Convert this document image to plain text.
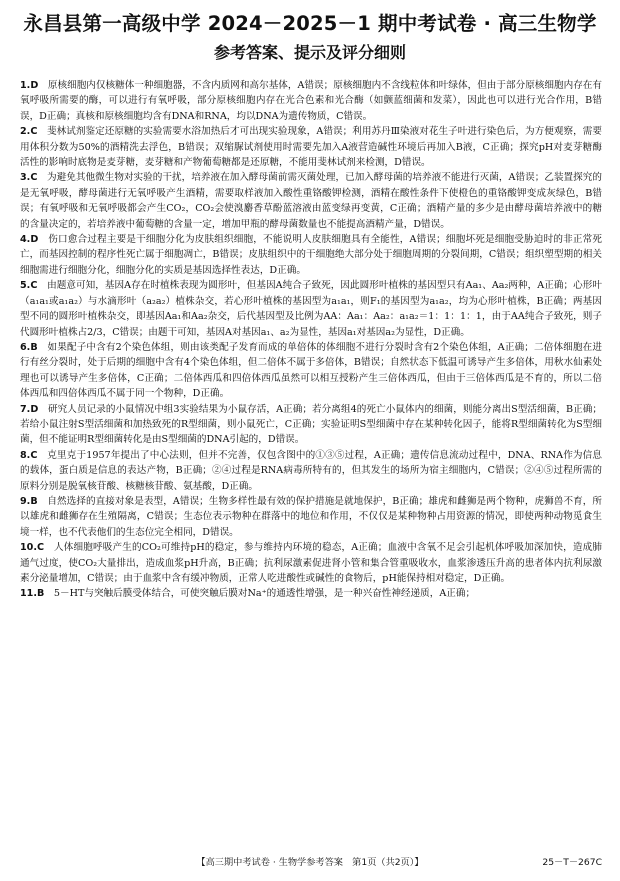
永昌县第一高级中学 2024－2025－1 期中考试卷 · 高三生物学
参考答案、提示及评分细则

1.D　 原核细胞内仅核糖体一种细胞器，不含内质网和高尔基体，A错误；原核细胞内不含线粒体和叶绿体，但由于部分原核细胞内存在有氧呼吸所需要的酶，可以进行有氧呼吸，部分原核细胞内存在光合色素和光合酶（如颤蓝细菌和发菜），因此也可以进行光合作用，B错误，D正确；真核和原核细胞均含有DNA和RNA，均以DNA为遗传物质，C错误。

2.C　 斐林试剂鉴定还原糖的实验需要水浴加热后才可出现实验现象，A错误；利用苏丹Ⅲ染液对花生子叶进行染色后，为方便观察，需要用体积分数为50%的酒精洗去浮色，B错误；双缩脲试剂使用时需要先加入A液营造碱性环境后再加入B液，C正确；探究pH对麦芽糖酶活性的影响时底物是麦芽糖，麦芽糖和产物葡萄糖都是还原糖，不能用斐林试剂来检测，D错误。

3.C　 为避免其他微生物对实验的干扰，培养液在加入酵母菌前需灭菌处理，已加入酵母菌的培养液不能进行灭菌，A错误；乙装置探究的是无氧呼吸，酵母菌进行无氧呼吸产生酒精，需要取样液加入酸性重铬酸钾检测，酒精在酸性条件下使橙色的重铬酸钾变成灰绿色，B错误；有氧呼吸和无氧呼吸都会产生CO₂，CO₂会使溴麝香草酚蓝溶液由蓝变绿再变黄，C正确；酒精产量的多少是由酵母菌培养液中的糖的含量决定的，若培养液中葡萄糖的含量一定，增加甲瓶的酵母菌数量也不能提高酒精产量，D错误。

4.D　 伤口愈合过程主要是干细胞分化为皮肤组织细胞，不能说明人皮肤细胞具有全能性，A错误；细胞坏死是细胞受胁迫时的非正常死亡，而基因控制的程序性死亡属于细胞凋亡，B错误；皮肤组织中的干细胞绝大部分处于细胞周期的分裂间期，C错误；组织塑型期的相关细胞需进行细胞分化，细胞分化的实质是基因选择性表达，D正确。

5.C　 由题意可知，基因A存在时植株表现为圆形叶，但基因A纯合子致死，因此圆形叶植株的基因型只有Aa₁、Aa₂两种，A正确；心形叶（a₁a₁或a₁a₂）与水滴形叶（a₂a₂）植株杂交，若心形叶植株的基因型为a₁a₁，则F₁的基因型为a₁a₂，均为心形叶植株，B正确；两基因型不同的圆形叶植株杂交，即基因Aa₁和Aa₂杂交，后代基因型及比例为AA：Aa₁：Aa₂：a₁a₂＝1：1：1：1，由于AA纯合子致死，则子代圆形叶植株占2/3，C错误；由题干可知，基因A对基因a₁、a₂为显性，基因a₁对基因a₂为显性，D正确。

6.B　 如果配子中含有2个染色体组，则由该类配子发育而成的单倍体的体细胞不进行分裂时含有2个染色体组，A正确；二倍体细胞在进行有丝分裂时，处于后期的细胞中含有4个染色体组，但二倍体不属于多倍体，B错误；自然状态下低温可诱导产生多倍体，用秋水仙素处理也可以诱导产生多倍体，C正确；二倍体西瓜和四倍体西瓜虽然可以相互授粉产生三倍体西瓜，但由于三倍体西瓜是不育的，所以二倍体西瓜和四倍体西瓜不属于同一个物种，D正确。

7.D　 研究人员记录的小鼠情况中组3实验结果为小鼠存活，A正确；若分离组4的死亡小鼠体内的细菌，则能分离出S型活细菌，B正确；若给小鼠注射S型活细菌和加热致死的R型细菌，则小鼠死亡，C正确；实验证明S型细菌中存在某种转化因子，能将R型细菌转化为S型细菌，但不能证明R型细菌转化是由S型细菌的DNA引起的，D错误。

8.C　 克里克于1957年提出了中心法则，但并不完善，仅包含图中的①③⑤过程，A正确；遗传信息流动过程中，DNA、RNA作为信息的载体，蛋白质是信息的表达产物，B正确；②④过程是RNA病毒所特有的，但其发生的场所为宿主细胞内，C错误；②④⑤过程所需的原料分别是脱氧核苷酸、核糖核苷酸、氨基酸，D正确。

9.B　 自然选择的直接对象是表型，A错误；生物多样性最有效的保护措施是就地保护，B正确；雄虎和雌狮是两个物种，虎狮兽不育，所以雄虎和雌狮存在生殖隔离，C错误；生态位表示物种在群落中的地位和作用，不仅仅是某种物种占用资源的情况，即使两种动物觅食生境一样，也不代表他们的生态位完全相同，D错误。

10.C　 人体细胞呼吸产生的CO₂可维持pH的稳定，参与维持内环境的稳态，A正确；血液中含氧不足会引起机体呼吸加深加快，造成肺通气过度，使CO₂大量排出，造成血浆pH升高，B正确；抗利尿激素促进肾小管和集合管重吸收水，血浆渗透压升高的患者体内抗利尿激素分泌量增加，C错误；由于血浆中含有缓冲物质，正常人吃进酸性或碱性的食物后，pH能保持相对稳定，D正确。

11.B　 5－HT与突触后膜受体结合，可使突触后膜对Na⁺的通透性增强，是一种兴奋性神经递质，A正确；

【高三期中考试卷 · 生物学参考答案　第1页（共2页）】	25－T－267C
